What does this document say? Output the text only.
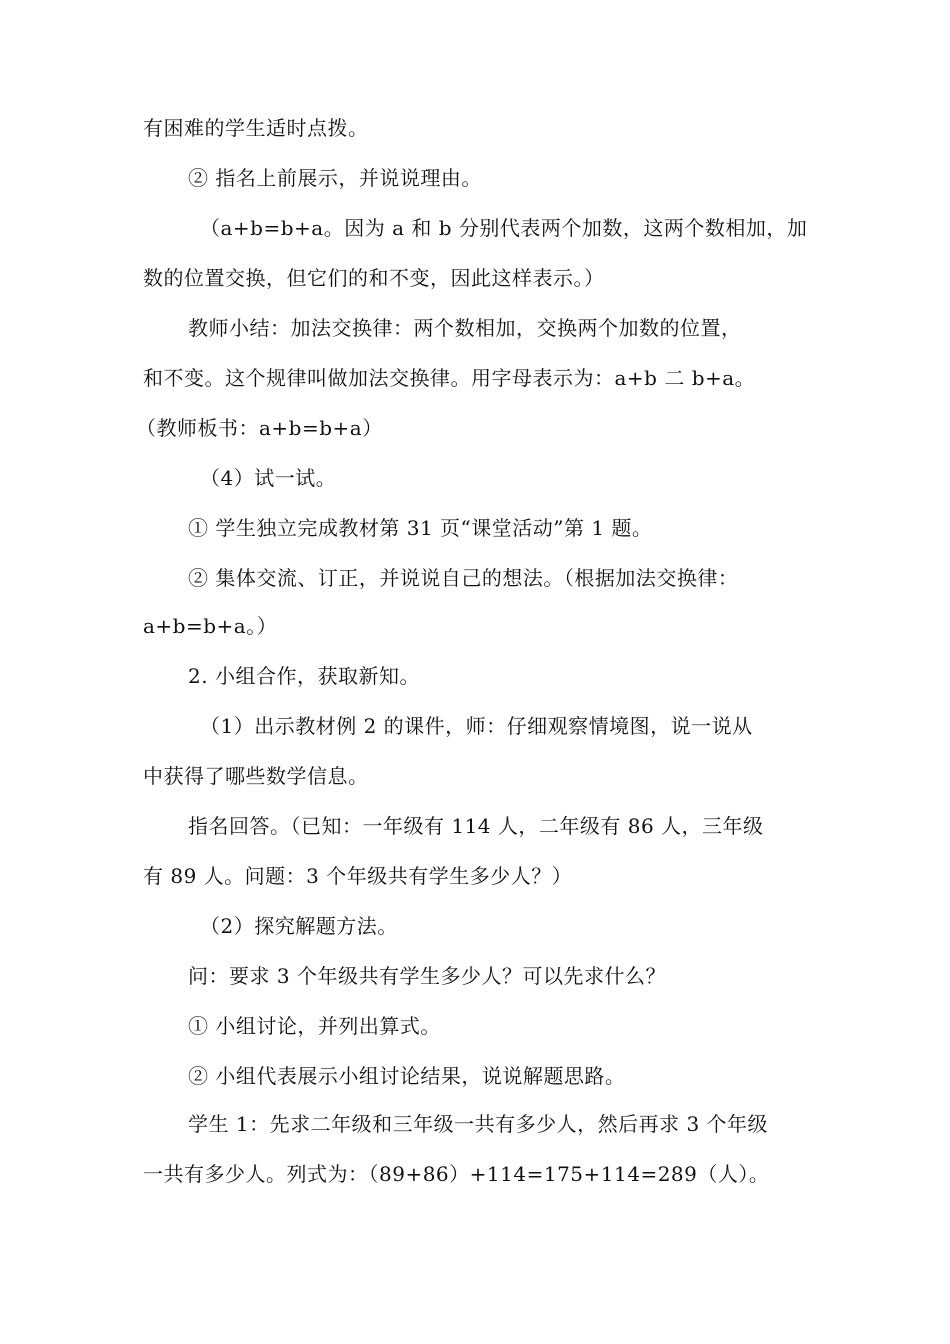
有困难的学生适时点拨。
② 指名上前展示，并说说理由。
（a+b=b+a。因为 a 和 b 分别代表两个加数，这两个数相加，加
数的位置交换，但它们的和不变，因此这样表示。）
教师小结：加法交换律：两个数相加，交换两个加数的位置，
和不变。这个规律叫做加法交换律。用字母表示为：a+b 二 b+a。
（教师板书：a+b=b+a）
（4）试一试。
① 学生独立完成教材第 31 页“课堂活动”第 1 题。
② 集体交流、订正，并说说自己的想法。（根据加法交换律：
a+b=b+a。）
2. 小组合作，获取新知。
（1）出示教材例 2 的课件，师：仔细观察情境图，说一说从
中获得了哪些数学信息。
指名回答。（已知：一年级有 114 人，二年级有 86 人，三年级
有 89 人。问题：3 个年级共有学生多少人？）
（2）探究解题方法。
问：要求 3 个年级共有学生多少人？可以先求什么？
① 小组讨论，并列出算式。
② 小组代表展示小组讨论结果，说说解题思路。
学生 1：先求二年级和三年级一共有多少人，然后再求 3 个年级
一共有多少人。列式为：（89+86）+114=175+114=289（人）。
